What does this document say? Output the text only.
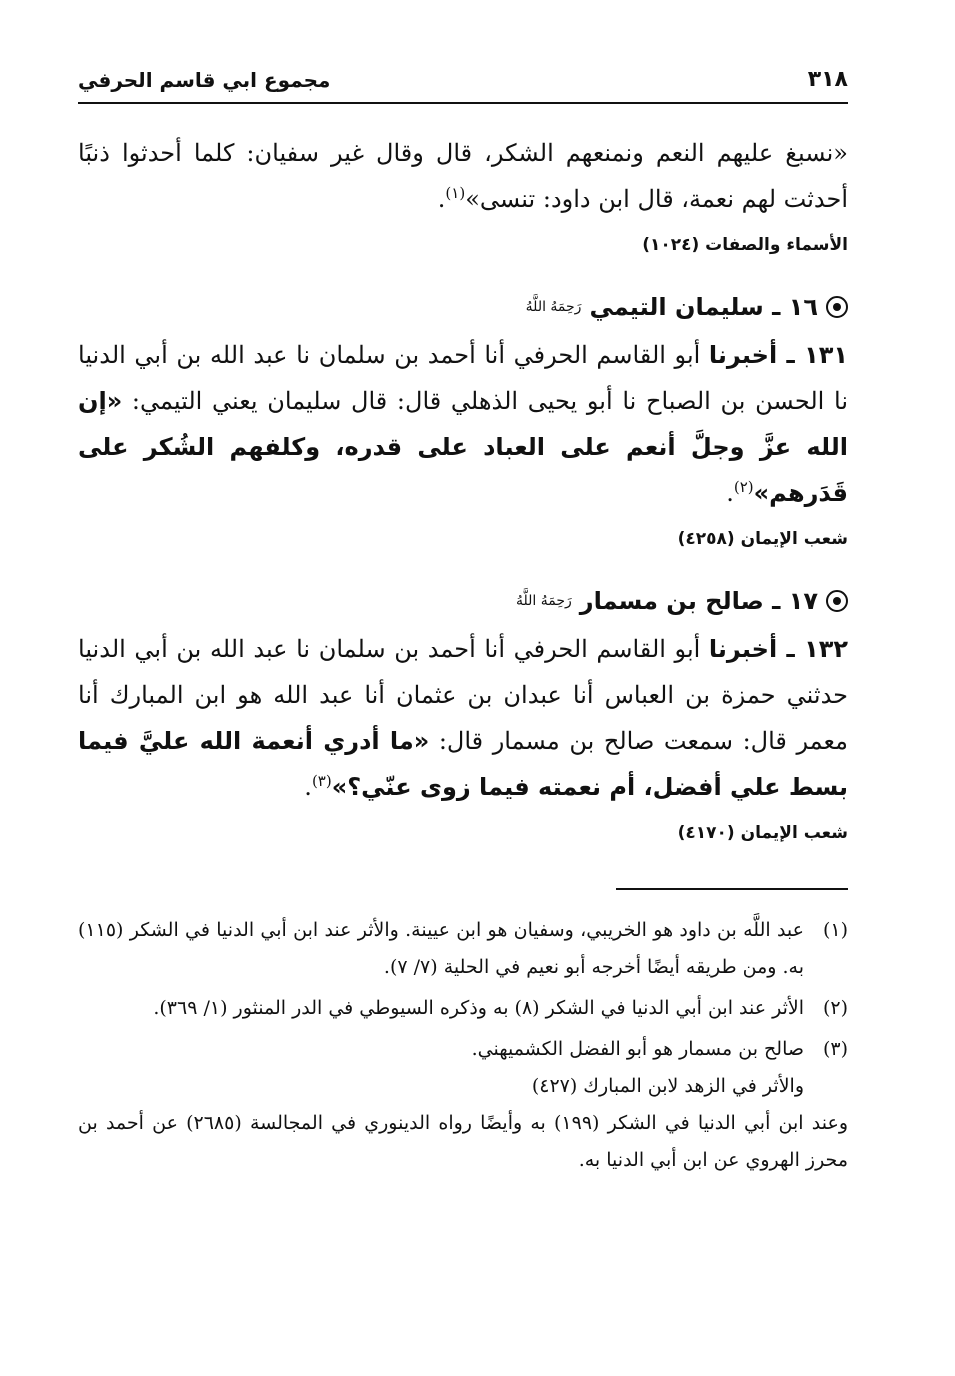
٣١٨
مجموع ابي قاسم الحرفي

«نسبغ عليهم النعم ونمنعهم الشكر، قال وقال غير سفيان: كلما أحدثوا ذنبًا أحدثت لهم نعمة، قال ابن داود: تنسى»$^{(١)}$.

الأسماء والصفات (١٠٢٤)
١٦ ـ سليمان التيمي
رَحِمَهُ اللَّهُ

١٣١ ـ أخبرنا أبو القاسم الحرفي أنا أحمد بن سلمان نا عبد الله بن أبي الدنيا نا الحسن بن الصباح نا أبو يحيى الذهلي قال: قال سليمان يعني التيمي: «إن الله عزَّ وجلَّ أنعم على العباد على قدره، وكلفهم الشُكر على قَدَرهم»$^{(٢)}$.

شعب الإيمان (٤٢٥٨)
١٧ ـ صالح بن مسمار
رَحِمَهُ اللَّهُ

١٣٢ ـ أخبرنا أبو القاسم الحرفي أنا أحمد بن سلمان نا عبد الله بن أبي الدنيا حدثني حمزة بن العباس أنا عبدان بن عثمان أنا عبد الله هو ابن المبارك أنا معمر قال: سمعت صالح بن مسمار قال: «ما أدري أنعمة الله عليَّ فيما بسط علي أفضل، أم نعمته فيما زوى عنّي؟»$^{(٣)}$.

شعب الإيمان (٤١٧٠)
(١)
عبد اللَّه بن داود هو الخريبي، وسفيان هو ابن عيينة. والأثر عند ابن أبي الدنيا في الشكر (١١٥) به. ومن طريقه أيضًا أخرجه أبو نعيم في الحلية (٧/ ٧).
(٢)
الأثر عند ابن أبي الدنيا في الشكر (٨) به وذكره السيوطي في الدر المنثور (١/ ٣٦٩).
(٣)
صالح بن مسمار هو أبو الفضل الكشميهني.
والأثر في الزهد لابن المبارك (٤٢٧)
وعند ابن أبي الدنيا في الشكر (١٩٩) به وأيضًا رواه الدينوري في المجالسة (٢٦٨٥) عن أحمد بن محرز الهروي عن ابن أبي الدنيا به.
